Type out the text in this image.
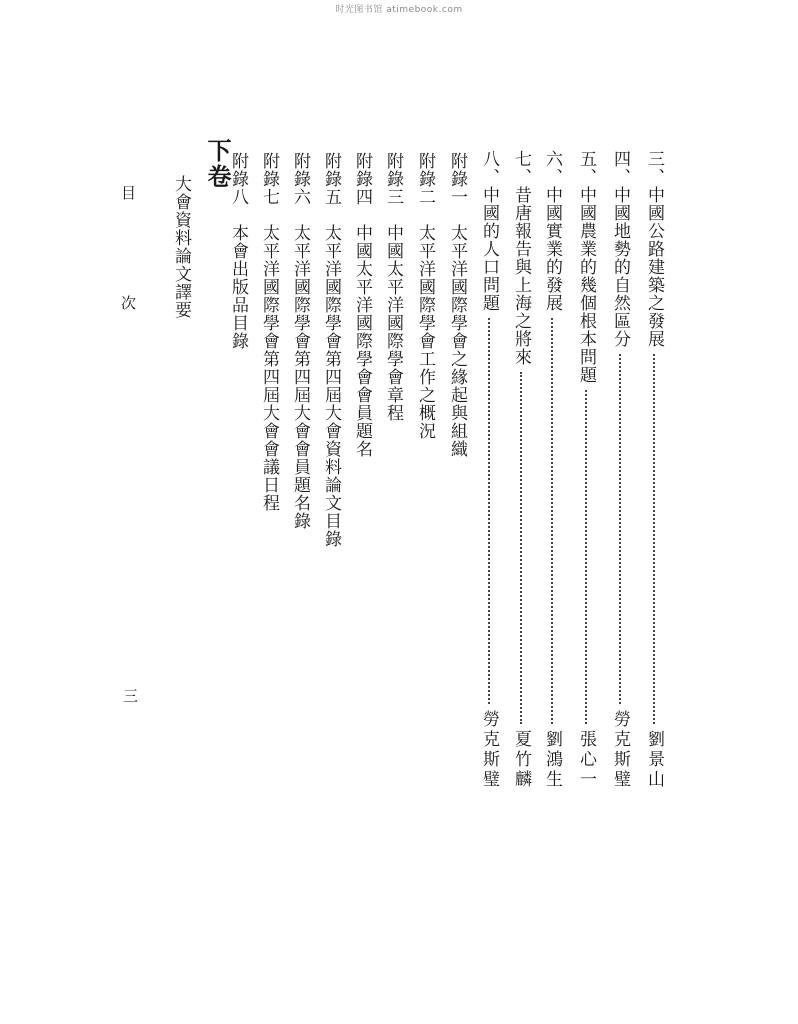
时光图书馆 atimebook.com
三、
中國公路建築之發展
劉景山
四、
中國地勢的自然區分
勞克斯璧
五、
中國農業的幾個根本問題
張心一
六、
中國實業的發展
劉鴻生
七、
昔唐報告與上海之將來
夏竹麟
八、
中國的人口問題
勞克斯璧
附錄一　太平洋國際學會之緣起與組織
附錄二　太平洋國際學會工作之概況
附錄三　中國太平洋國際學會章程
附錄四　中國太平洋國際學會會員題名
附錄五　太平洋國際學會第四屆大會資料論文目錄
附錄六　太平洋國際學會第四屆大會會員題名錄
附錄七　太平洋國際學會第四屆大會會議日程
附錄八　本會出版品目錄
下卷
大會資料論文譯要
目　次
三
